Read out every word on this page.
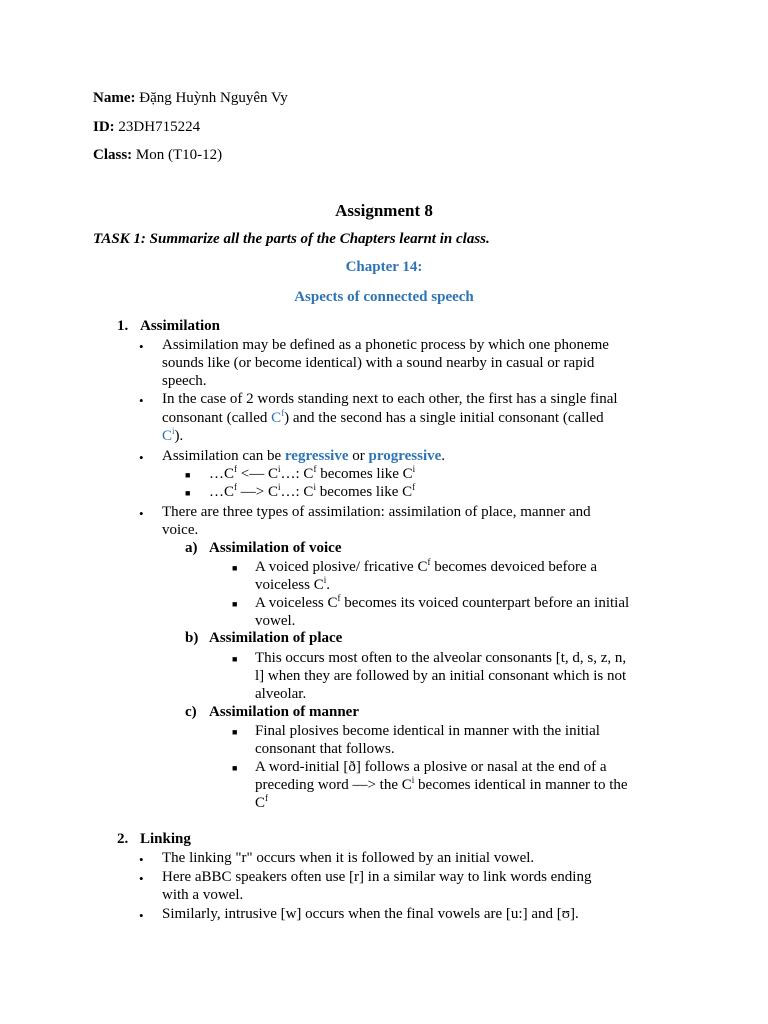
Name: Đặng Huỳnh Nguyên Vy
ID: 23DH715224
Class: Mon (T10-12)
Assignment 8
TASK 1: Summarize all the parts of the Chapters learnt in class.
Chapter 14:
Aspects of connected speech
1. Assimilation
• Assimilation may be defined as a phonetic process by which one phoneme
sounds like (or become identical) with a sound nearby in casual or rapid
speech.
• In the case of 2 words standing next to each other, the first has a single final
consonant (called $C^f$) and the second has a single initial consonant (called
$C^i$).
• Assimilation can be regressive or progressive.
■ $\dots C^f$ <— $C^i\dots$: $C^f$ becomes like $C^i$
■ $\dots C^f$ —> $C^i\dots$: $C^i$ becomes like $C^f$
• There are three types of assimilation: assimilation of place, manner and
voice.
a) Assimilation of voice
■ A voiced plosive/ fricative $C^f$ becomes devoiced before a
voiceless $C^i$.
■ A voiceless $C^f$ becomes its voiced counterpart before an initial
vowel.
b) Assimilation of place
■ This occurs most often to the alveolar consonants [t, d, s, z, n,
l] when they are followed by an initial consonant which is not
alveolar.
c) Assimilation of manner
■ Final plosives become identical in manner with the initial
consonant that follows.
■ A word-initial [ð] follows a plosive or nasal at the end of a
preceding word —> the $C^i$ becomes identical in manner to the
$C^f$
2. Linking
• The linking "r" occurs when it is followed by an initial vowel.
• Here aBBC speakers often use [r] in a similar way to link words ending
with a vowel.
• Similarly, intrusive [w] occurs when the final vowels are [u:] and [ʊ].
